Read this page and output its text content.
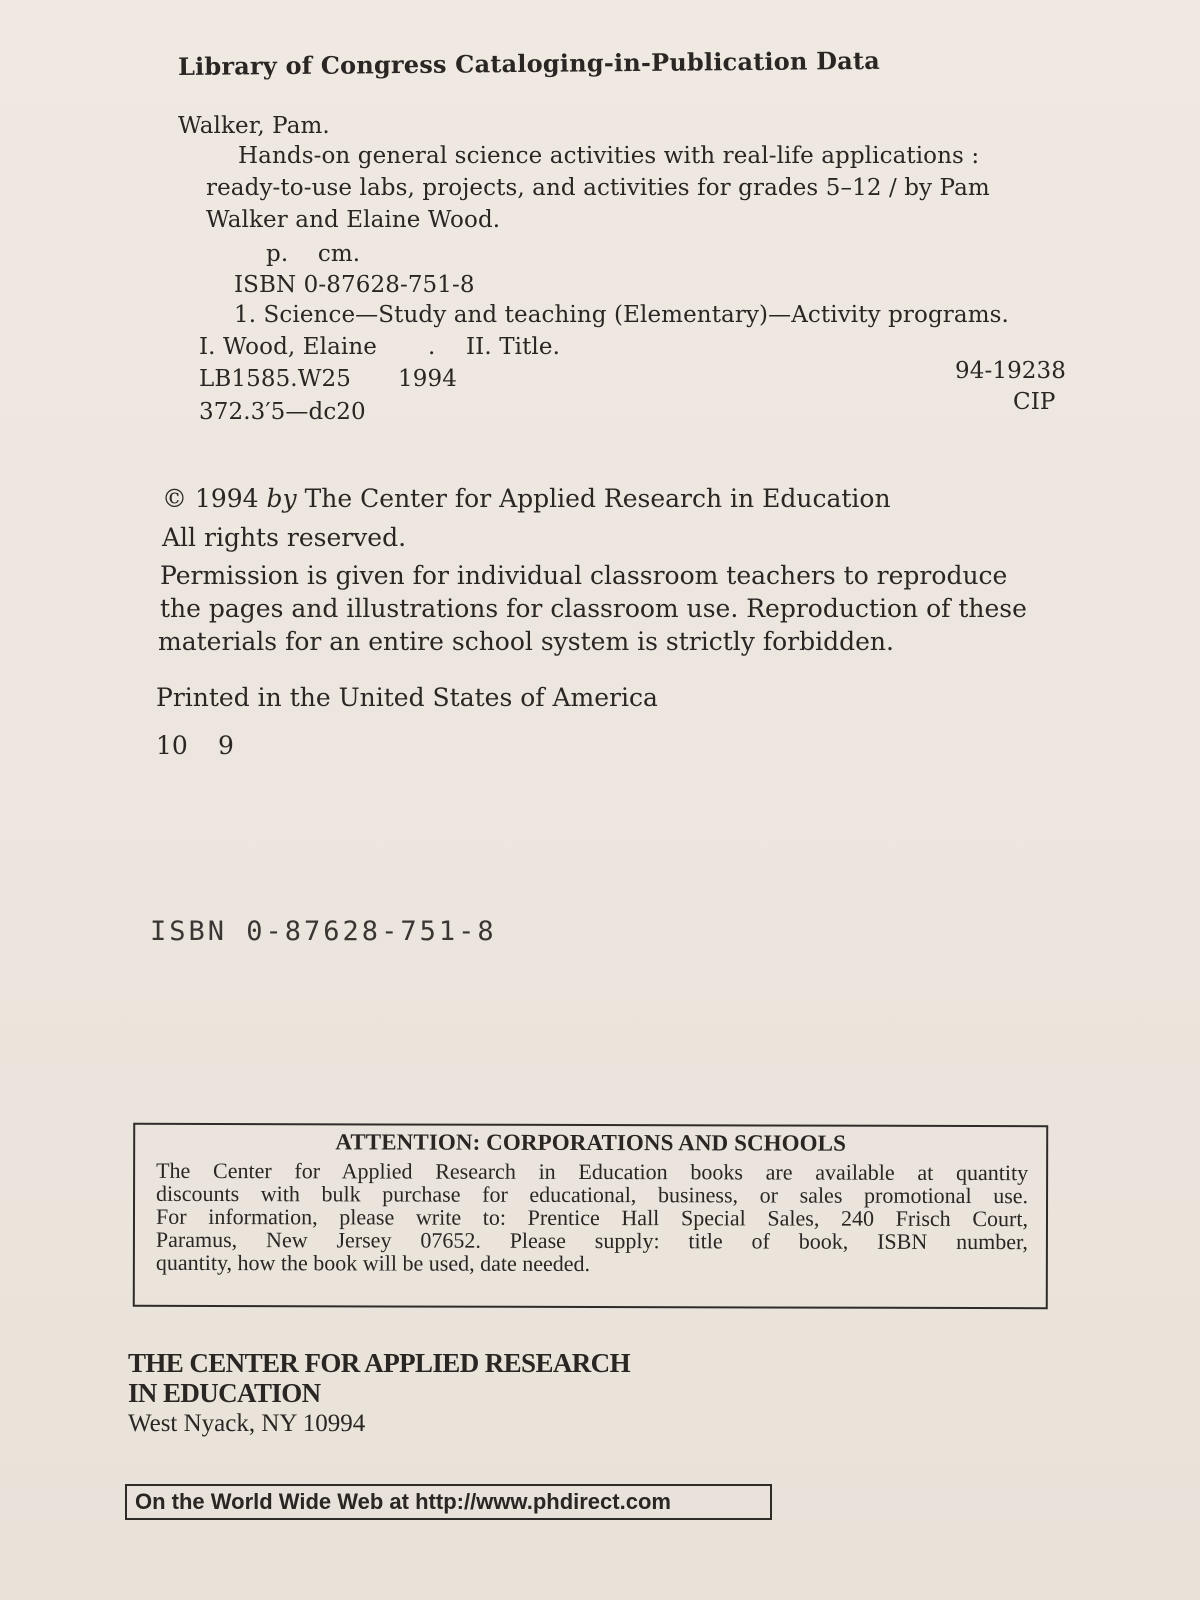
Library of Congress Cataloging-in-Publication Data
Walker, Pam.
Hands-on general science activities with real-life applications :
ready-to-use labs, projects, and activities for grades 5–12 / by Pam
Walker and Elaine Wood.
p.    cm.
ISBN 0-87628-751-8
1. Science—Study and teaching (Elementary)—Activity programs.
I. Wood, Elaine . II. Title.
LB1585.W25 1994	94-19238
372.3′5—dc20	CIP
© 1994 by The Center for Applied Research in Education
All rights reserved.
Permission is given for individual classroom teachers to reproduce
the pages and illustrations for classroom use. Reproduction of these
materials for an entire school system is strictly forbidden.
Printed in the United States of America
10 9
ISBN 0-87628-751-8
ATTENTION: CORPORATIONS AND SCHOOLS
The Center for Applied Research in Education books are available at quantity
discounts with bulk purchase for educational, business, or sales promotional use.
For information, please write to: Prentice Hall Special Sales, 240 Frisch Court,
Paramus, New Jersey 07652. Please supply: title of book, ISBN number,
quantity, how the book will be used, date needed.
THE CENTER FOR APPLIED RESEARCH
IN EDUCATION
West Nyack, NY 10994
On the World Wide Web at http://www.phdirect.com
